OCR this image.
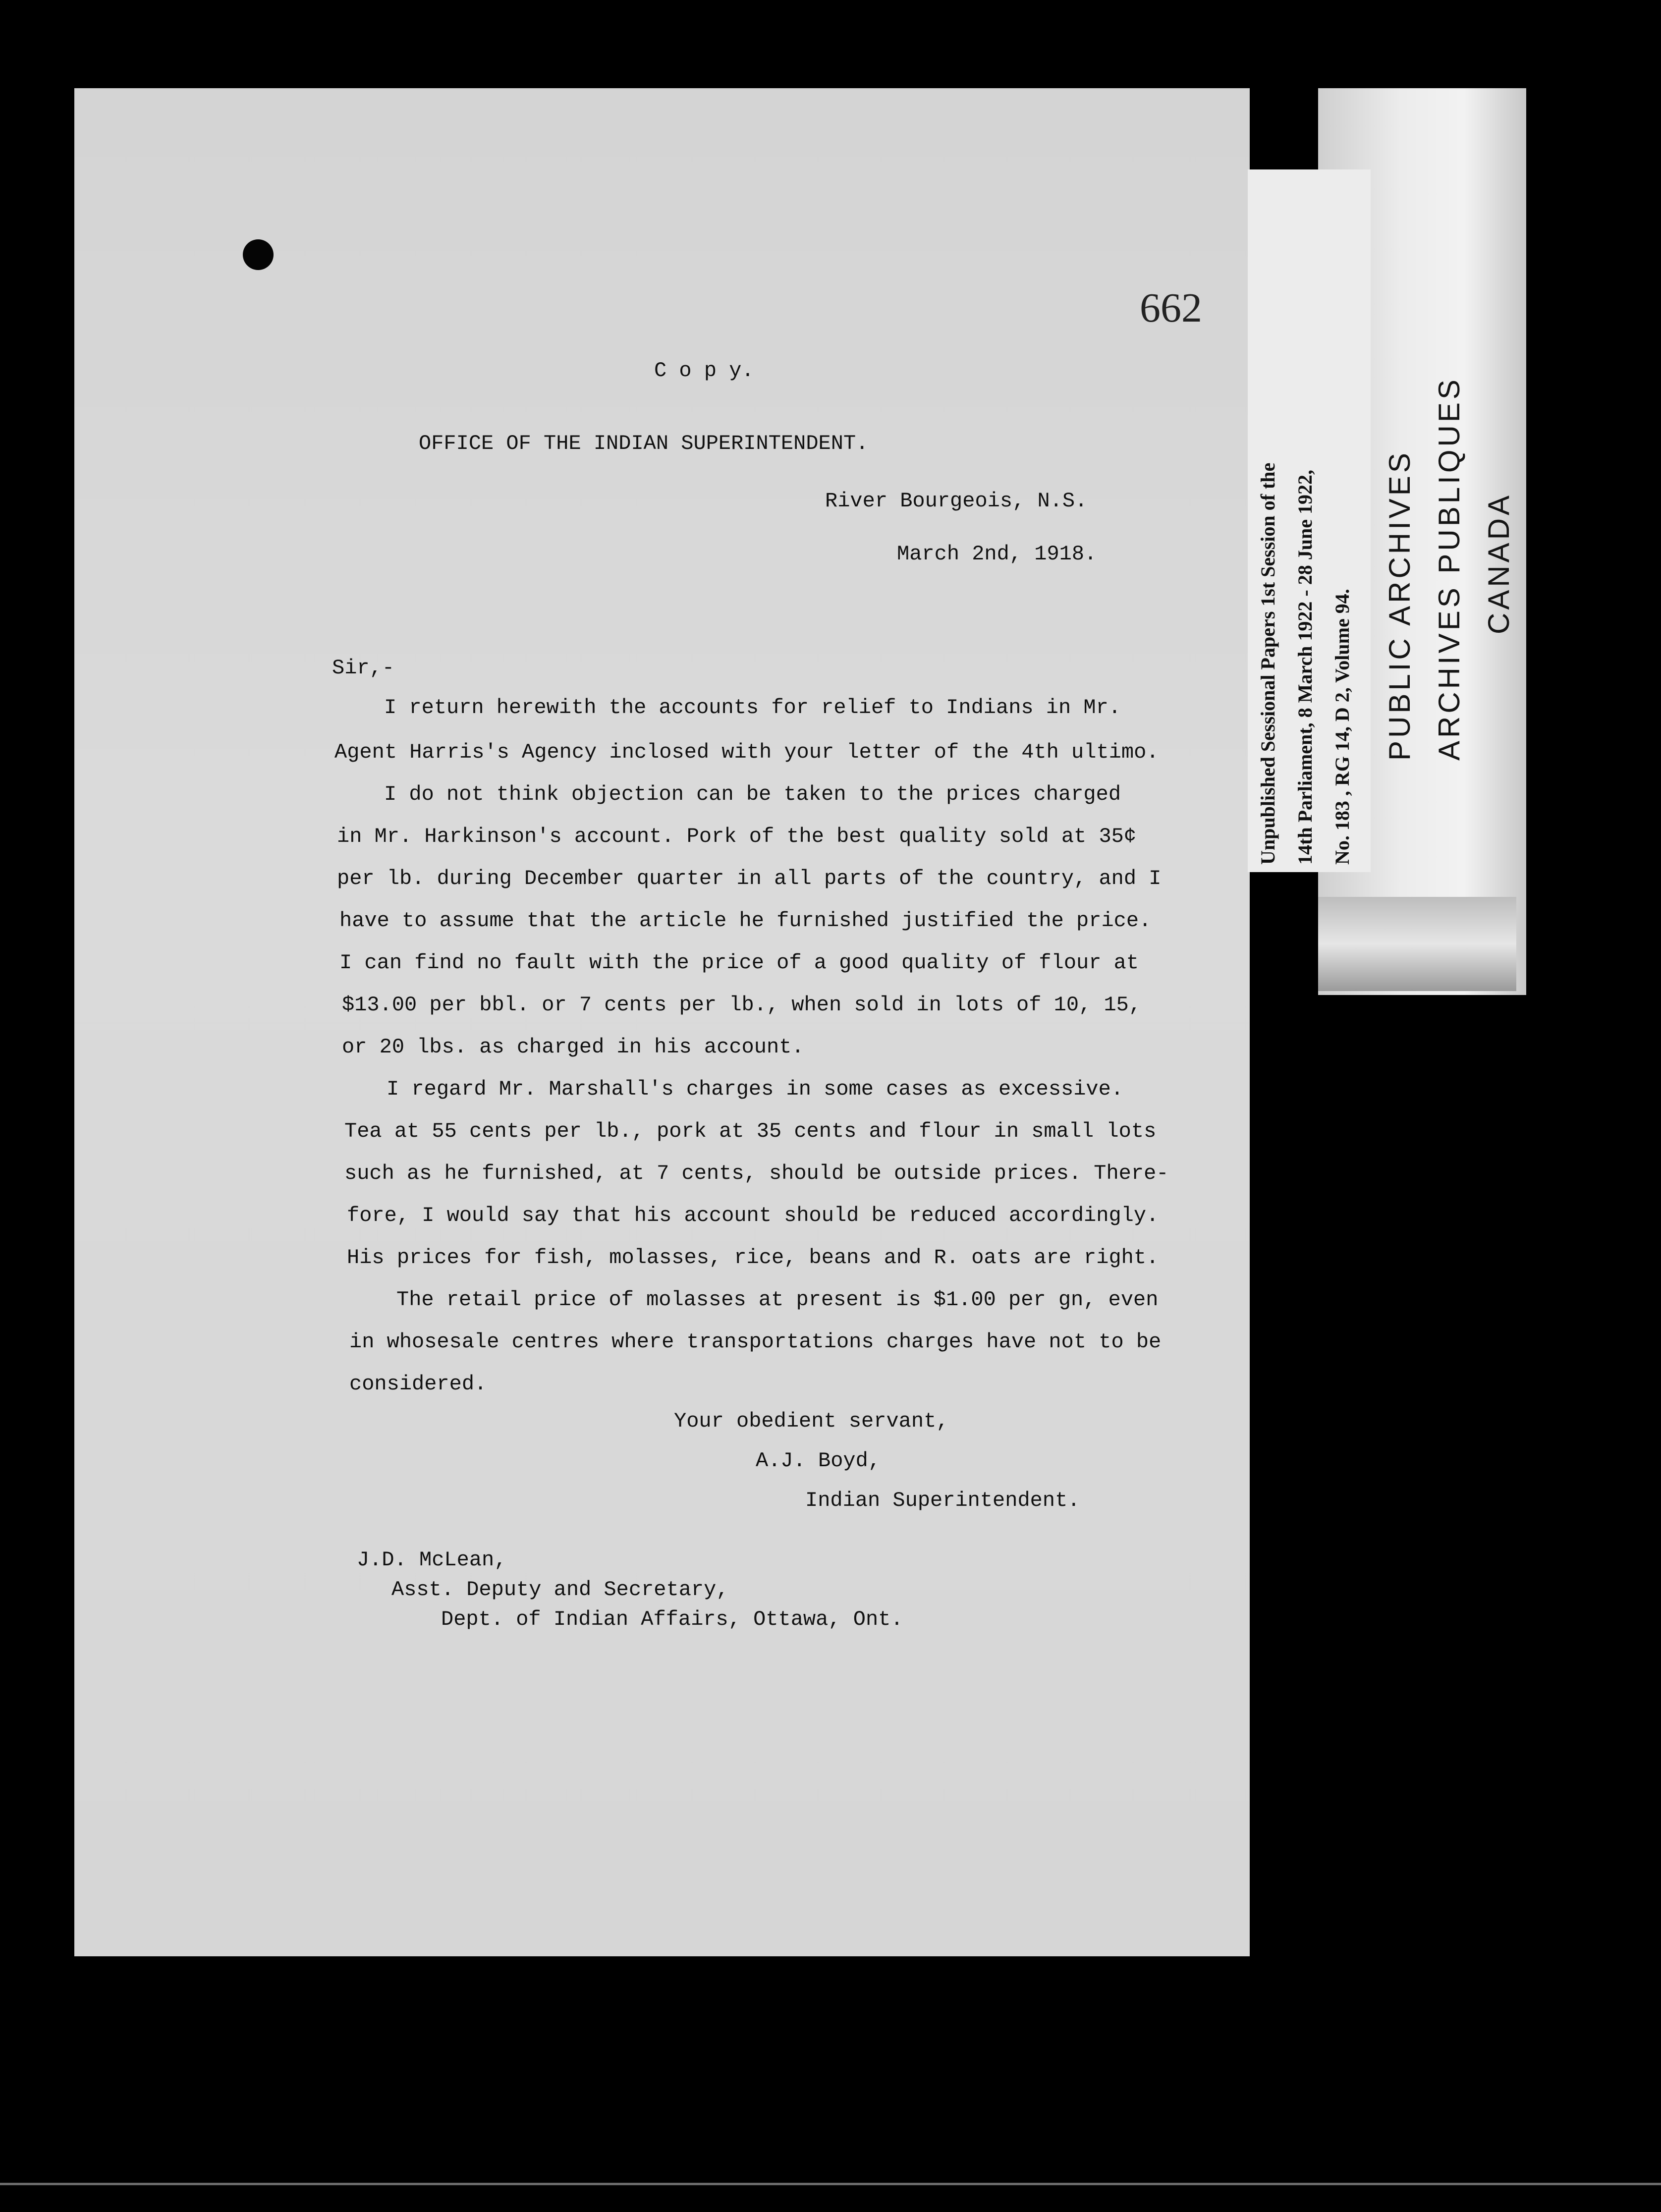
662
C o p y.
OFFICE OF THE INDIAN SUPERINTENDENT.
River Bourgeois, N.S.
March 2nd, 1918.
Sir,-
I return herewith the accounts for relief to Indians in Mr.
Agent Harris's Agency inclosed with your letter of the 4th ultimo.
I do not think objection can be taken to the prices charged
in Mr. Harkinson's account. Pork of the best quality sold at 35¢
per lb. during December quarter in all parts of the country, and I
have to assume that the article he furnished justified the price.
I can find no fault with the price of a good quality of flour at
$13.00 per bbl. or 7 cents per lb., when sold in lots of 10, 15,
or 20 lbs. as charged in his account.
I regard Mr. Marshall's charges in some cases as excessive.
Tea at 55 cents per lb., pork at 35 cents and flour in small lots
such as he furnished, at 7 cents, should be outside prices. There-
fore, I would say that his account should be reduced accordingly.
His prices for fish, molasses, rice, beans and R. oats are right.
The retail price of molasses at present is $1.00 per gn, even
in whosesale centres where transportations charges have not to be
considered.
Your obedient servant,
A.J. Boyd,
Indian Superintendent.
J.D. McLean,
Asst. Deputy and Secretary,
Dept. of Indian Affairs, Ottawa, Ont.
PUBLIC ARCHIVES ARCHIVES PUBLIQUES CANADA
Unpublished Sessional Papers 1st Session of the 14th Parliament, 8 March 1922 - 28 June 1922, No. 183 , RG 14, D 2, Volume 94.
